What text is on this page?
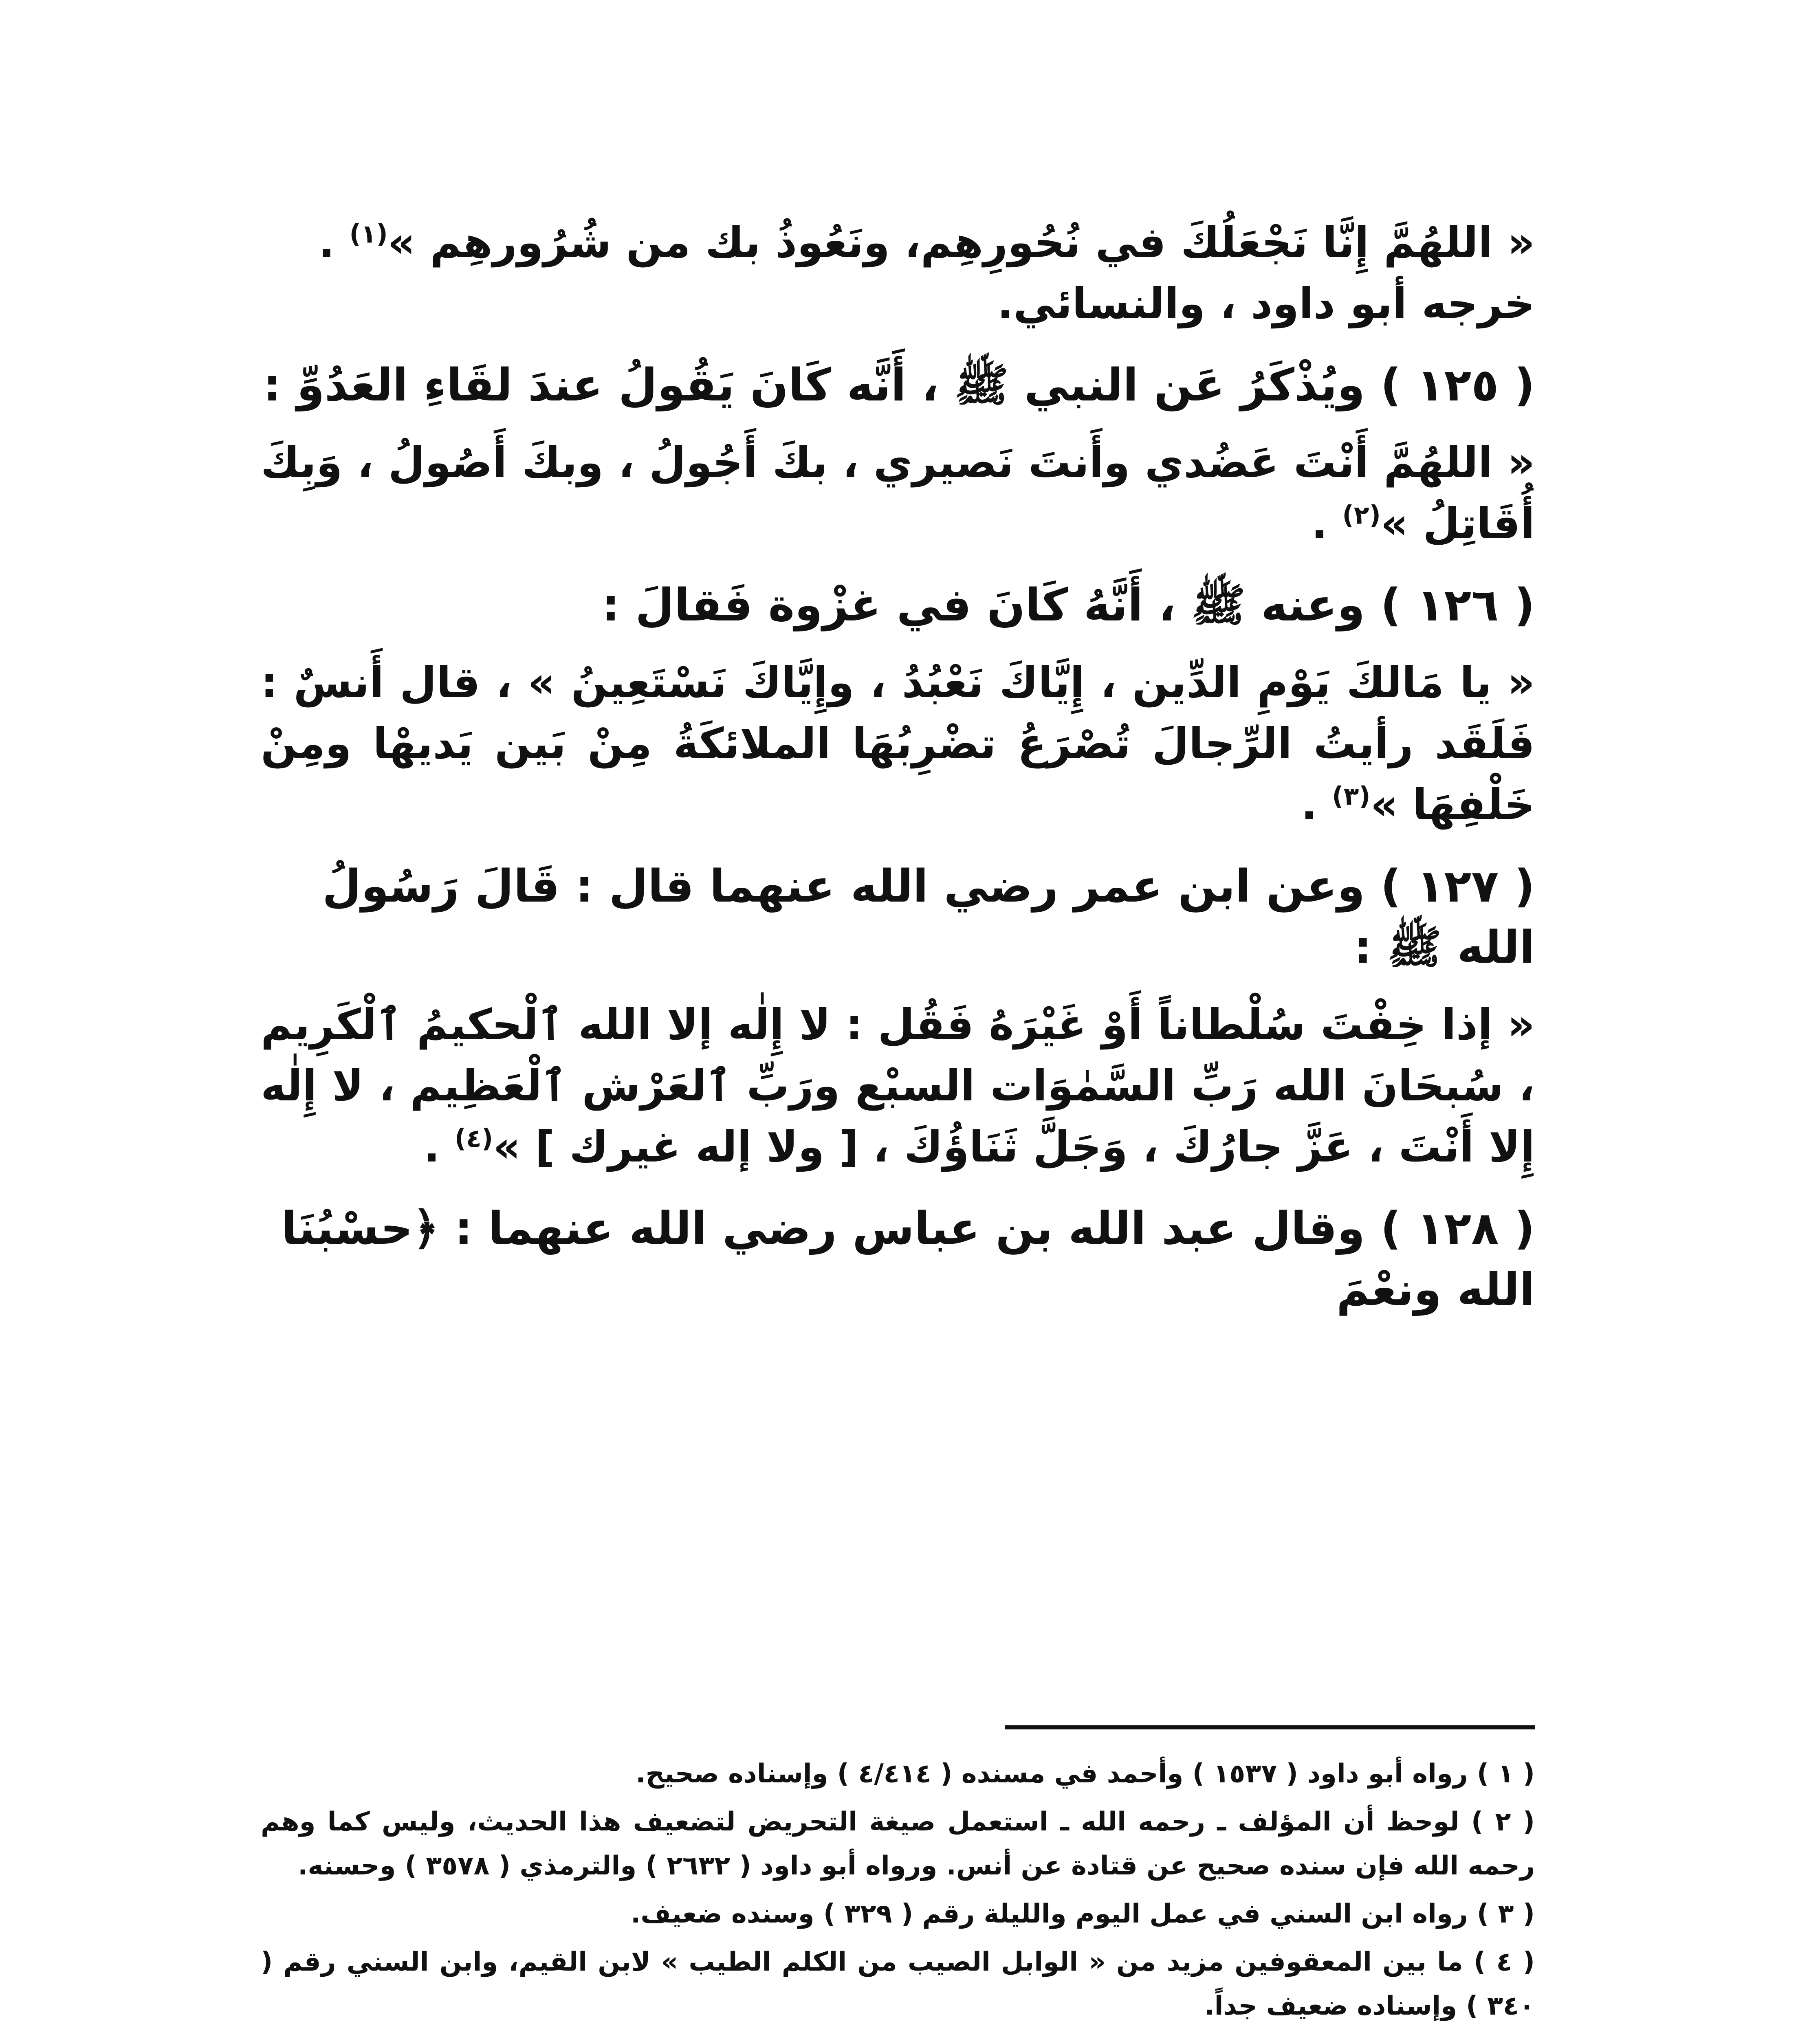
« اللهُمَّ إِنَّا نَجْعَلُكَ في نُحُورِهِم، ونَعُوذُ بك من شُرُورهِم »$^{(١)}$ .

خرجه أبو داود ، والنسائي.

( ١٢٥ ) ويُذْكَرُ عَن النبي ﷺ ، أَنَّه كَانَ يَقُولُ عندَ لقَاءِ العَدُوِّ :

« اللهُمَّ أَنْتَ عَضُدي وأَنتَ نَصيري ، بكَ أَجُولُ ، وبكَ أَصُولُ ، وَبِكَ أُقَاتِلُ »$^{(٢)}$ .

( ١٢٦ ) وعنه ﷺ ، أَنَّهُ كَانَ في غزْوة فَقالَ :

« يا مَالكَ يَوْمِ الدِّين ، إِيَّاكَ نَعْبُدُ ، وإِيَّاكَ نَسْتَعِينُ » ، قال أَنسٌ : فَلَقَد رأيتُ الرِّجالَ تُصْرَعُ تضْرِبُهَا الملائكَةُ مِنْ بَين يَديهْا ومِنْ خَلْفِهَا »$^{(٣)}$ .

( ١٢٧ ) وعن ابن عمر رضي الله عنهما قال : قَالَ رَسُولُ الله ﷺ :

« إذا خِفْتَ سُلْطاناً أَوْ غَيْرَهُ فَقُل : لا إِلٰه إلا الله ٱلْحكيمُ ٱلْكَرِيم ، سُبحَانَ الله رَبِّ السَّمٰوَات السبْع ورَبِّ ٱلعَرْش ٱلْعَظِيم ، لا إِلٰه إِلا أَنْتَ ، عَزَّ جارُكَ ، وَجَلَّ ثَنَاؤُكَ ، [ ولا إله غيرك ] »$^{(٤)}$ .

( ١٢٨ ) وقال عبد الله بن عباس رضي الله عنهما : ﴿حسْبُنَا الله ونعْمَ

( ١ ) رواه أبو داود ( ١٥٣٧ ) وأحمد في مسنده ( ٤/٤١٤ ) وإسناده صحيح.

( ٢ ) لوحظ أن المؤلف ـ رحمه الله ـ استعمل صيغة التحريض لتضعيف هذا الحديث، وليس كما وهم رحمه الله فإن سنده صحيح عن قتادة عن أنس. ورواه أبو داود ( ٢٦٣٢ ) والترمذي ( ٣٥٧٨ ) وحسنه.

( ٣ ) رواه ابن السني في عمل اليوم والليلة رقم ( ٣٢٩ ) وسنده ضعيف.

( ٤ ) ما بين المعقوفين مزيد من « الوابل الصيب من الكلم الطيب » لابن القيم، وابن السني رقم ( ٣٤٠ ) وإسناده ضعيف جداً.
